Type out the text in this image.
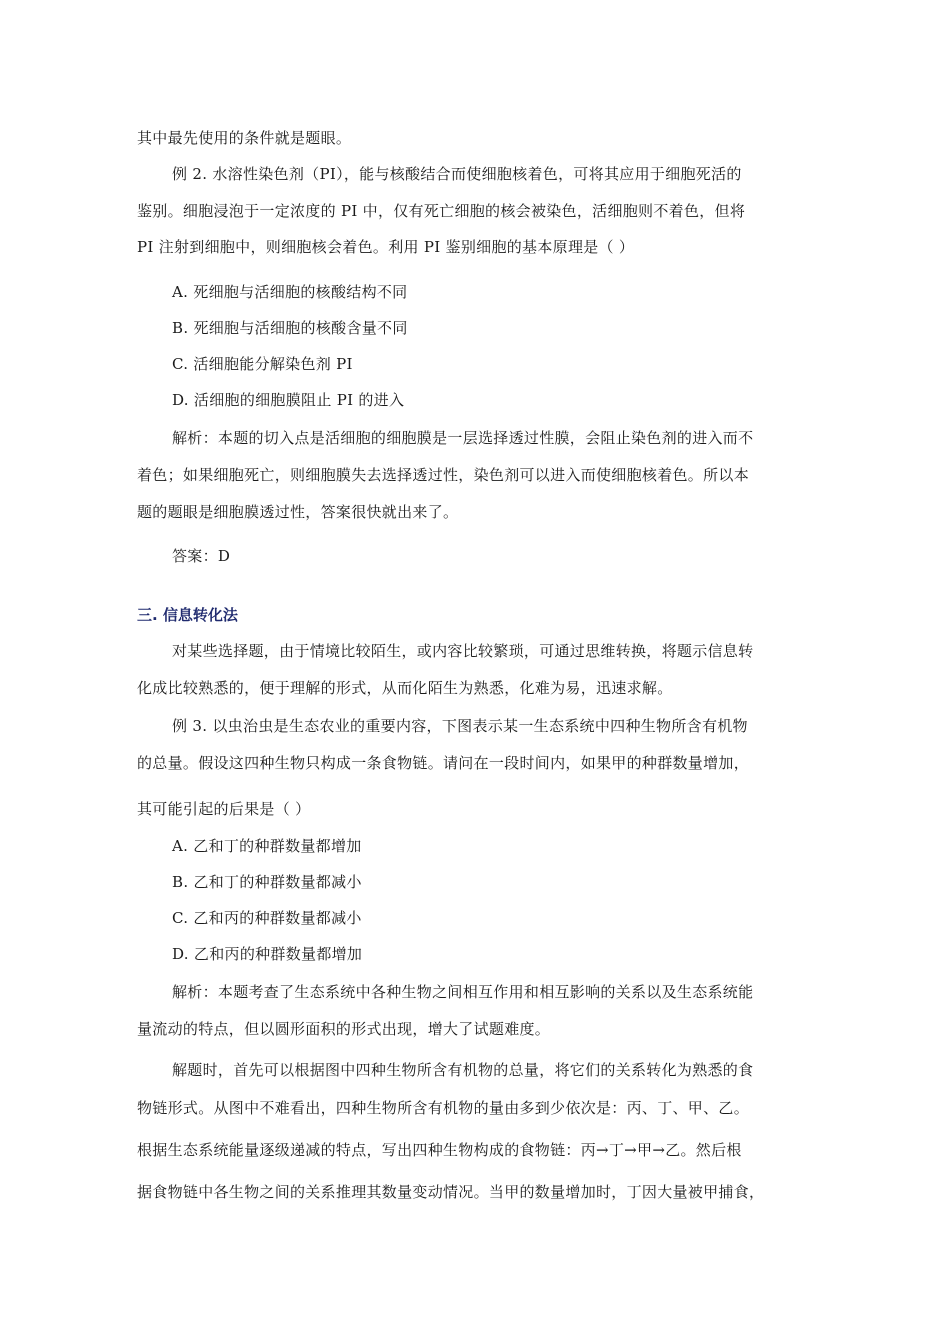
其中最先使用的条件就是题眼。
例 2. 水溶性染色剂（PI），能与核酸结合而使细胞核着色，可将其应用于细胞死活的
鉴别。细胞浸泡于一定浓度的 PI 中，仅有死亡细胞的核会被染色，活细胞则不着色，但将
PI 注射到细胞中，则细胞核会着色。利用 PI 鉴别细胞的基本原理是（ ）
A. 死细胞与活细胞的核酸结构不同
B. 死细胞与活细胞的核酸含量不同
C. 活细胞能分解染色剂 PI
D. 活细胞的细胞膜阻止 PI 的进入
解析：本题的切入点是活细胞的细胞膜是一层选择透过性膜，会阻止染色剂的进入而不
着色；如果细胞死亡，则细胞膜失去选择透过性，染色剂可以进入而使细胞核着色。所以本
题的题眼是细胞膜透过性，答案很快就出来了。
答案：D
三. 信息转化法
对某些选择题，由于情境比较陌生，或内容比较繁琐，可通过思维转换，将题示信息转
化成比较熟悉的，便于理解的形式，从而化陌生为熟悉，化难为易，迅速求解。
例 3. 以虫治虫是生态农业的重要内容，下图表示某一生态系统中四种生物所含有机物
的总量。假设这四种生物只构成一条食物链。请问在一段时间内，如果甲的种群数量增加，
其可能引起的后果是（ ）
A. 乙和丁的种群数量都增加
B. 乙和丁的种群数量都减小
C. 乙和丙的种群数量都减小
D. 乙和丙的种群数量都增加
解析：本题考查了生态系统中各种生物之间相互作用和相互影响的关系以及生态系统能
量流动的特点，但以圆形面积的形式出现，增大了试题难度。
解题时，首先可以根据图中四种生物所含有机物的总量，将它们的关系转化为熟悉的食
物链形式。从图中不难看出，四种生物所含有机物的量由多到少依次是：丙、丁、甲、乙。
根据生态系统能量逐级递减的特点，写出四种生物构成的食物链：丙→丁→甲→乙。然后根
据食物链中各生物之间的关系推理其数量变动情况。当甲的数量增加时，丁因大量被甲捕食，
